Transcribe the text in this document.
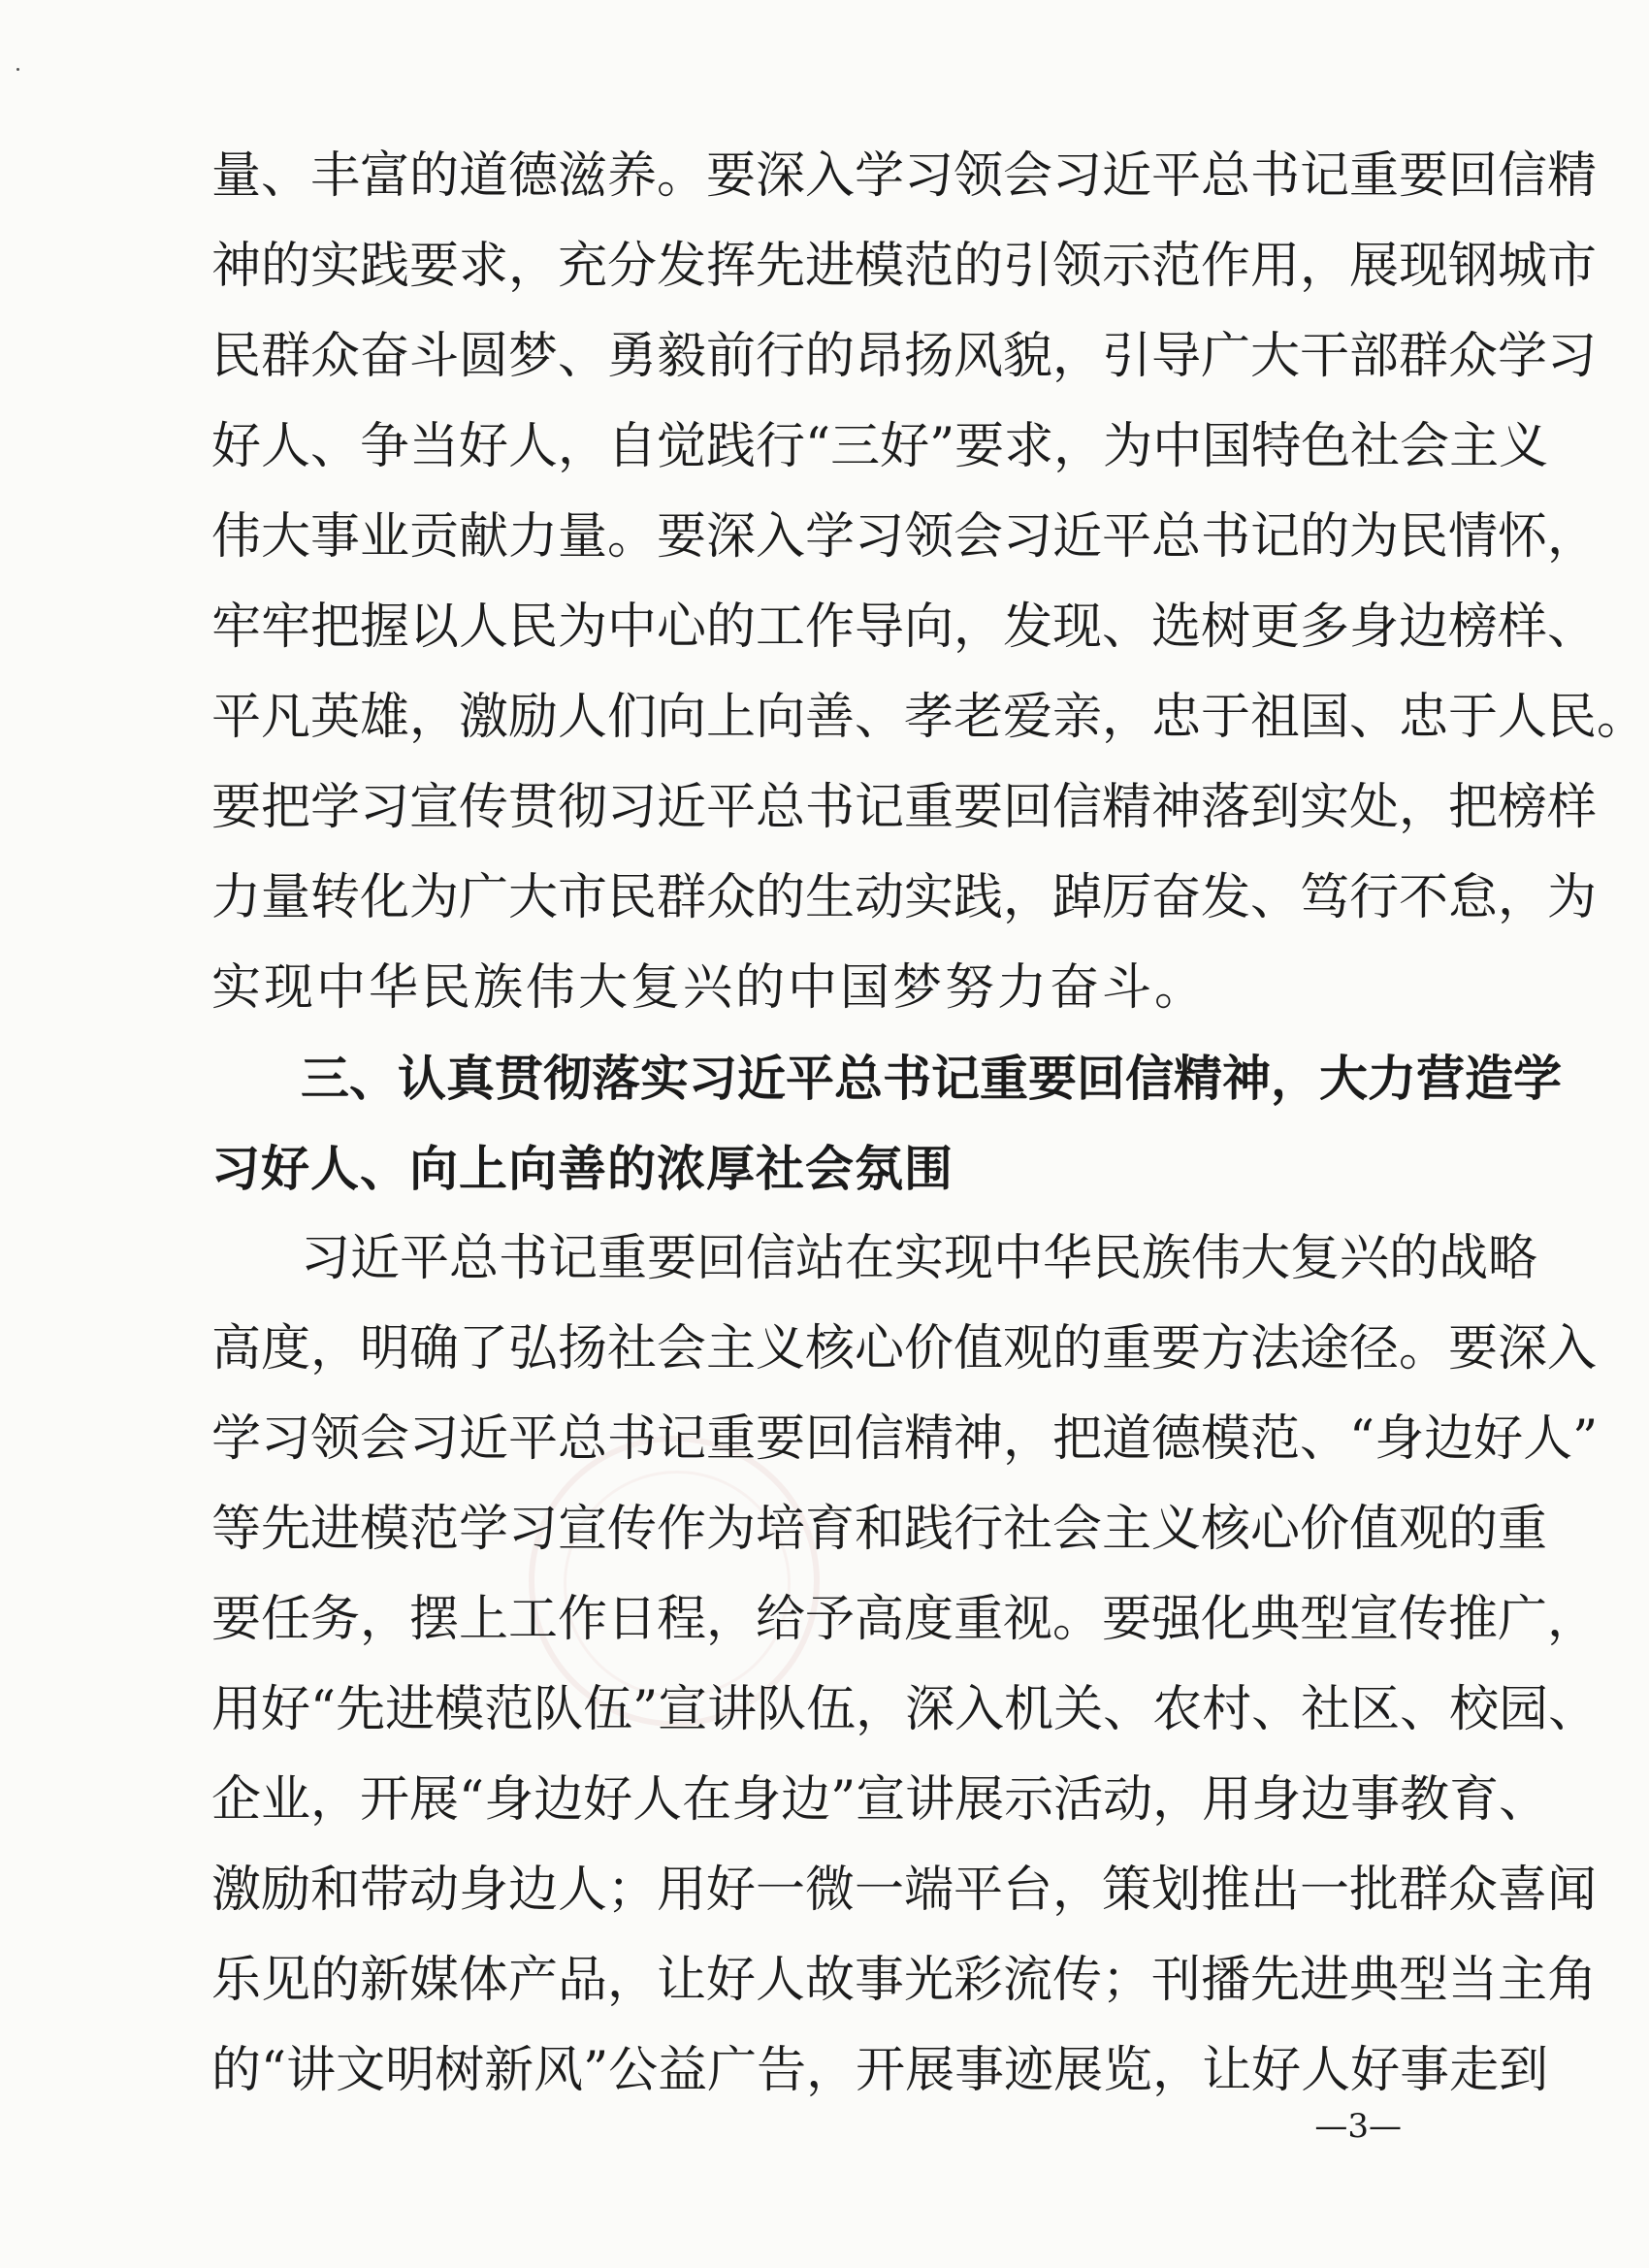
量、丰富的道德滋养。要深入学习领会习近平总书记重要回信精
神的实践要求，充分发挥先进模范的引领示范作用，展现钢城市
民群众奋斗圆梦、勇毅前行的昂扬风貌，引导广大干部群众学习
好人、争当好人，自觉践行“三好”要求，为中国特色社会主义
伟大事业贡献力量。要深入学习领会习近平总书记的为民情怀，
牢牢把握以人民为中心的工作导向，发现、选树更多身边榜样、
平凡英雄，激励人们向上向善、孝老爱亲，忠于祖国、忠于人民。
要把学习宣传贯彻习近平总书记重要回信精神落到实处，把榜样
力量转化为广大市民群众的生动实践，踔厉奋发、笃行不怠，为
实现中华民族伟大复兴的中国梦努力奋斗。
三、认真贯彻落实习近平总书记重要回信精神，大力营造学
习好人、向上向善的浓厚社会氛围
习近平总书记重要回信站在实现中华民族伟大复兴的战略
高度，明确了弘扬社会主义核心价值观的重要方法途径。要深入
学习领会习近平总书记重要回信精神，把道德模范、“身边好人”
等先进模范学习宣传作为培育和践行社会主义核心价值观的重
要任务，摆上工作日程，给予高度重视。要强化典型宣传推广，
用好“先进模范队伍”宣讲队伍，深入机关、农村、社区、校园、
企业，开展“身边好人在身边”宣讲展示活动，用身边事教育、
激励和带动身边人；用好一微一端平台，策划推出一批群众喜闻
乐见的新媒体产品，让好人故事光彩流传；刊播先进典型当主角
的“讲文明树新风”公益广告，开展事迹展览，让好人好事走到
—3—
